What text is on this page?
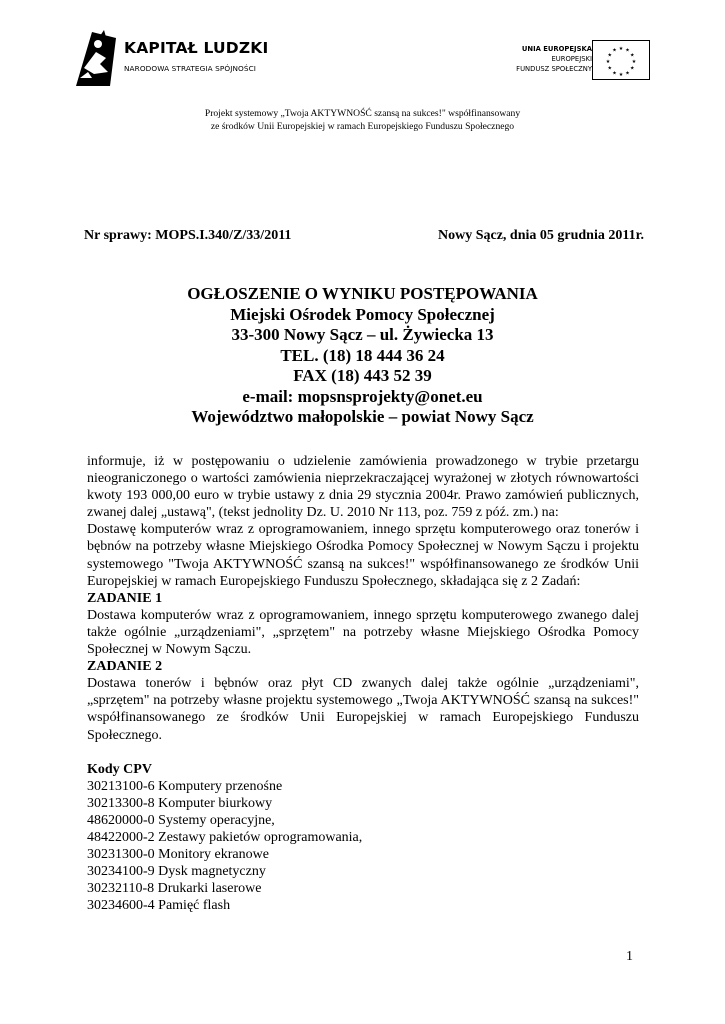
KAPITAŁ LUDZKI
NARODOWA STRATEGIA SPÓJNOŚCI
UNIA EUROPEJSKA
EUROPEJSKI
FUNDUSZ SPOŁECZNY
★ ★
★
★
★
★
★
★
★
★
★
★
Projekt systemowy „Twoja AKTYWNOŚĆ szansą na sukces!" współfinansowany
ze środków Unii Europejskiej w ramach Europejskiego Funduszu Społecznego
Nr sprawy: MOPS.I.340/Z/33/2011	Nowy Sącz, dnia 05 grudnia 2011r.
OGŁOSZENIE O WYNIKU POSTĘPOWANIA
Miejski Ośrodek Pomocy Społecznej
33-300 Nowy Sącz – ul. Żywiecka 13
TEL. (18) 18 444 36 24
FAX (18) 443 52 39
e-mail: mopsnsprojekty@onet.eu
Województwo małopolskie – powiat Nowy Sącz

informuje, iż w postępowaniu o udzielenie zamówienia prowadzonego w trybie przetargu nieograniczonego o wartości zamówienia nieprzekraczającej wyrażonej w złotych równowartości kwoty 193 000,00 euro w trybie ustawy z dnia 29 stycznia 2004r. Prawo zamówień publicznych, zwanej dalej „ustawą", (tekst jednolity Dz. U. 2010 Nr 113, poz. 759 z póź. zm.) na:

Dostawę komputerów wraz z oprogramowaniem, innego sprzętu komputerowego oraz tonerów i bębnów na potrzeby własne Miejskiego Ośrodka Pomocy Społecznej w Nowym Sączu i projektu systemowego "Twoja AKTYWNOŚĆ szansą na sukces!" współfinansowanego ze środków Unii Europejskiej w ramach Europejskiego Funduszu Społecznego, składająca się z 2 Zadań:

ZADANIE 1

Dostawa komputerów wraz z oprogramowaniem, innego sprzętu komputerowego zwanego dalej także ogólnie „urządzeniami", „sprzętem" na potrzeby własne Miejskiego Ośrodka Pomocy Społecznej w Nowym Sączu.

ZADANIE 2

Dostawa tonerów i bębnów oraz płyt CD zwanych dalej także ogólnie „urządzeniami", „sprzętem" na potrzeby własne projektu systemowego „Twoja AKTYWNOŚĆ szansą na sukces!" współfinansowanego ze środków Unii Europejskiej w ramach Europejskiego Funduszu Społecznego.

Kody CPV

30213100-6 Komputery przenośne

30213300-8 Komputer biurkowy

48620000-0 Systemy operacyjne,

48422000-2 Zestawy pakietów oprogramowania,

30231300-0 Monitory ekranowe

30234100-9 Dysk magnetyczny

30232110-8 Drukarki laserowe

30234600-4 Pamięć flash

1
